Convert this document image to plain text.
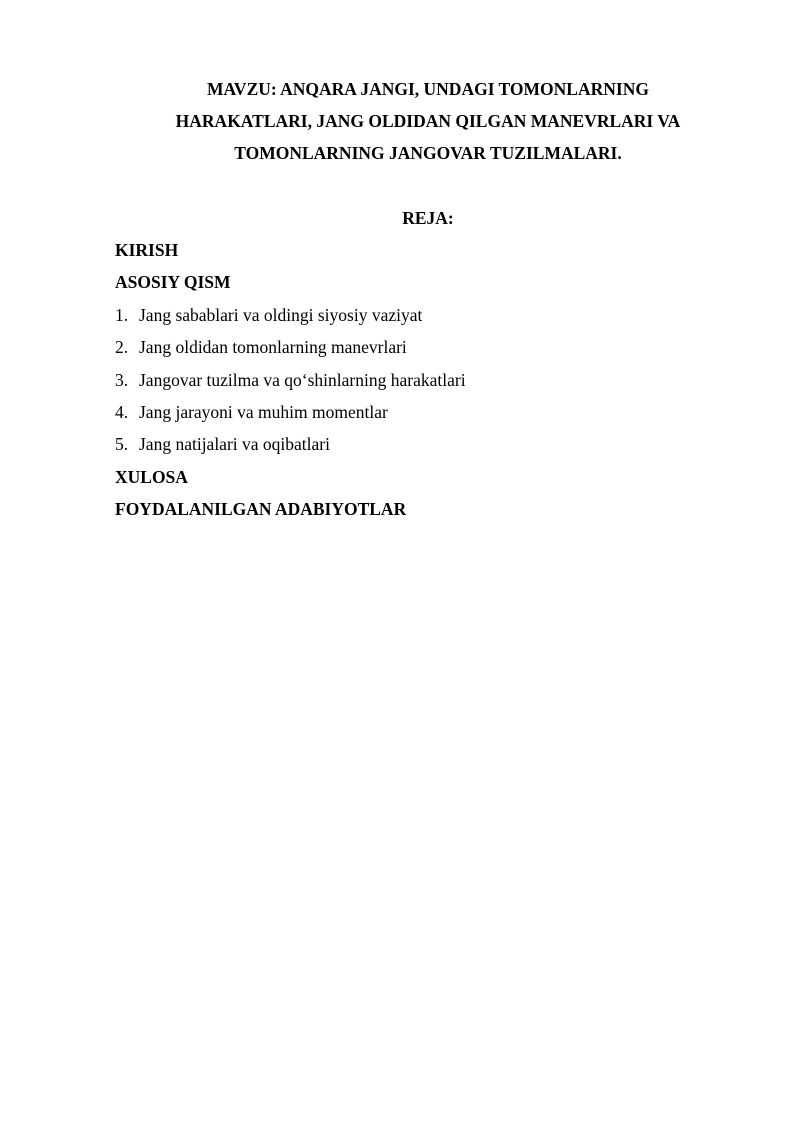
MAVZU: ANQARA JANGI, UNDAGI TOMONLARNING
HARAKATLARI, JANG OLDIDAN QILGAN MANEVRLARI VA
TOMONLARNING JANGOVAR TUZILMALARI.
REJA:
KIRISH
ASOSIY QISM
1. Jang sabablari va oldingi siyosiy vaziyat
2. Jang oldidan tomonlarning manevrlari
3. Jangovar tuzilma va qo‘shinlarning harakatlari
4. Jang jarayoni va muhim momentlar
5. Jang natijalari va oqibatlari
XULOSA
FOYDALANILGAN ADABIYOTLAR
